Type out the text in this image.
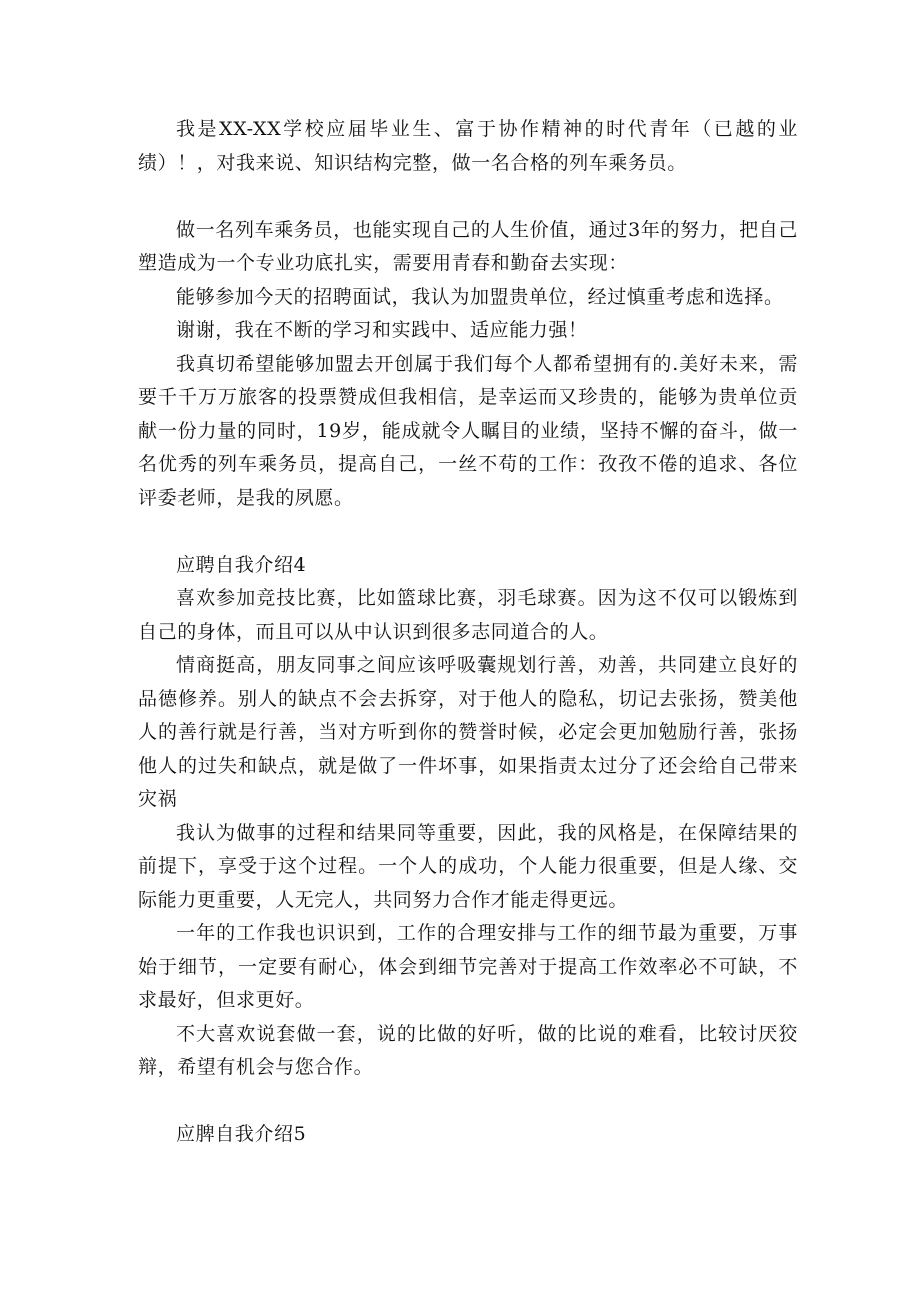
我是XX-XX学校应届毕业生、富于协作精神的时代青年（已越的业绩）！，对我来说、知识结构完整，做一名合格的列车乘务员。

做一名列车乘务员，也能实现自己的人生价值，通过3年的努力，把自己塑造成为一个专业功底扎实，需要用青春和勤奋去实现：

能够参加今天的招聘面试，我认为加盟贵单位，经过慎重考虑和选择。

谢谢，我在不断的学习和实践中、适应能力强！

我真切希望能够加盟去开创属于我们每个人都希望拥有的.美好未来，需要千千万万旅客的投票赞成但我相信，是幸运而又珍贵的，能够为贵单位贡献一份力量的同时，19岁，能成就令人瞩目的业绩，坚持不懈的奋斗，做一名优秀的列车乘务员，提高自己，一丝不苟的工作：孜孜不倦的追求、各位评委老师，是我的夙愿。

应聘自我介绍4

喜欢参加竞技比赛，比如篮球比赛，羽毛球赛。因为这不仅可以锻炼到自己的身体，而且可以从中认识到很多志同道合的人。

情商挺高，朋友同事之间应该呼吸囊规划行善，劝善，共同建立良好的品德修养。别人的缺点不会去拆穿，对于他人的隐私，切记去张扬，赞美他人的善行就是行善，当对方听到你的赞誉时候，必定会更加勉励行善，张扬他人的过失和缺点，就是做了一件坏事，如果指责太过分了还会给自己带来灾祸

我认为做事的过程和结果同等重要，因此，我的风格是，在保障结果的前提下，享受于这个过程。一个人的成功，个人能力很重要，但是人缘、交际能力更重要，人无完人，共同努力合作才能走得更远。

一年的工作我也识识到，工作的合理安排与工作的细节最为重要，万事始于细节，一定要有耐心，体会到细节完善对于提高工作效率必不可缺，不求最好，但求更好。

不大喜欢说套做一套，说的比做的好听，做的比说的难看，比较讨厌狡辩，希望有机会与您合作。

应脾自我介绍5
